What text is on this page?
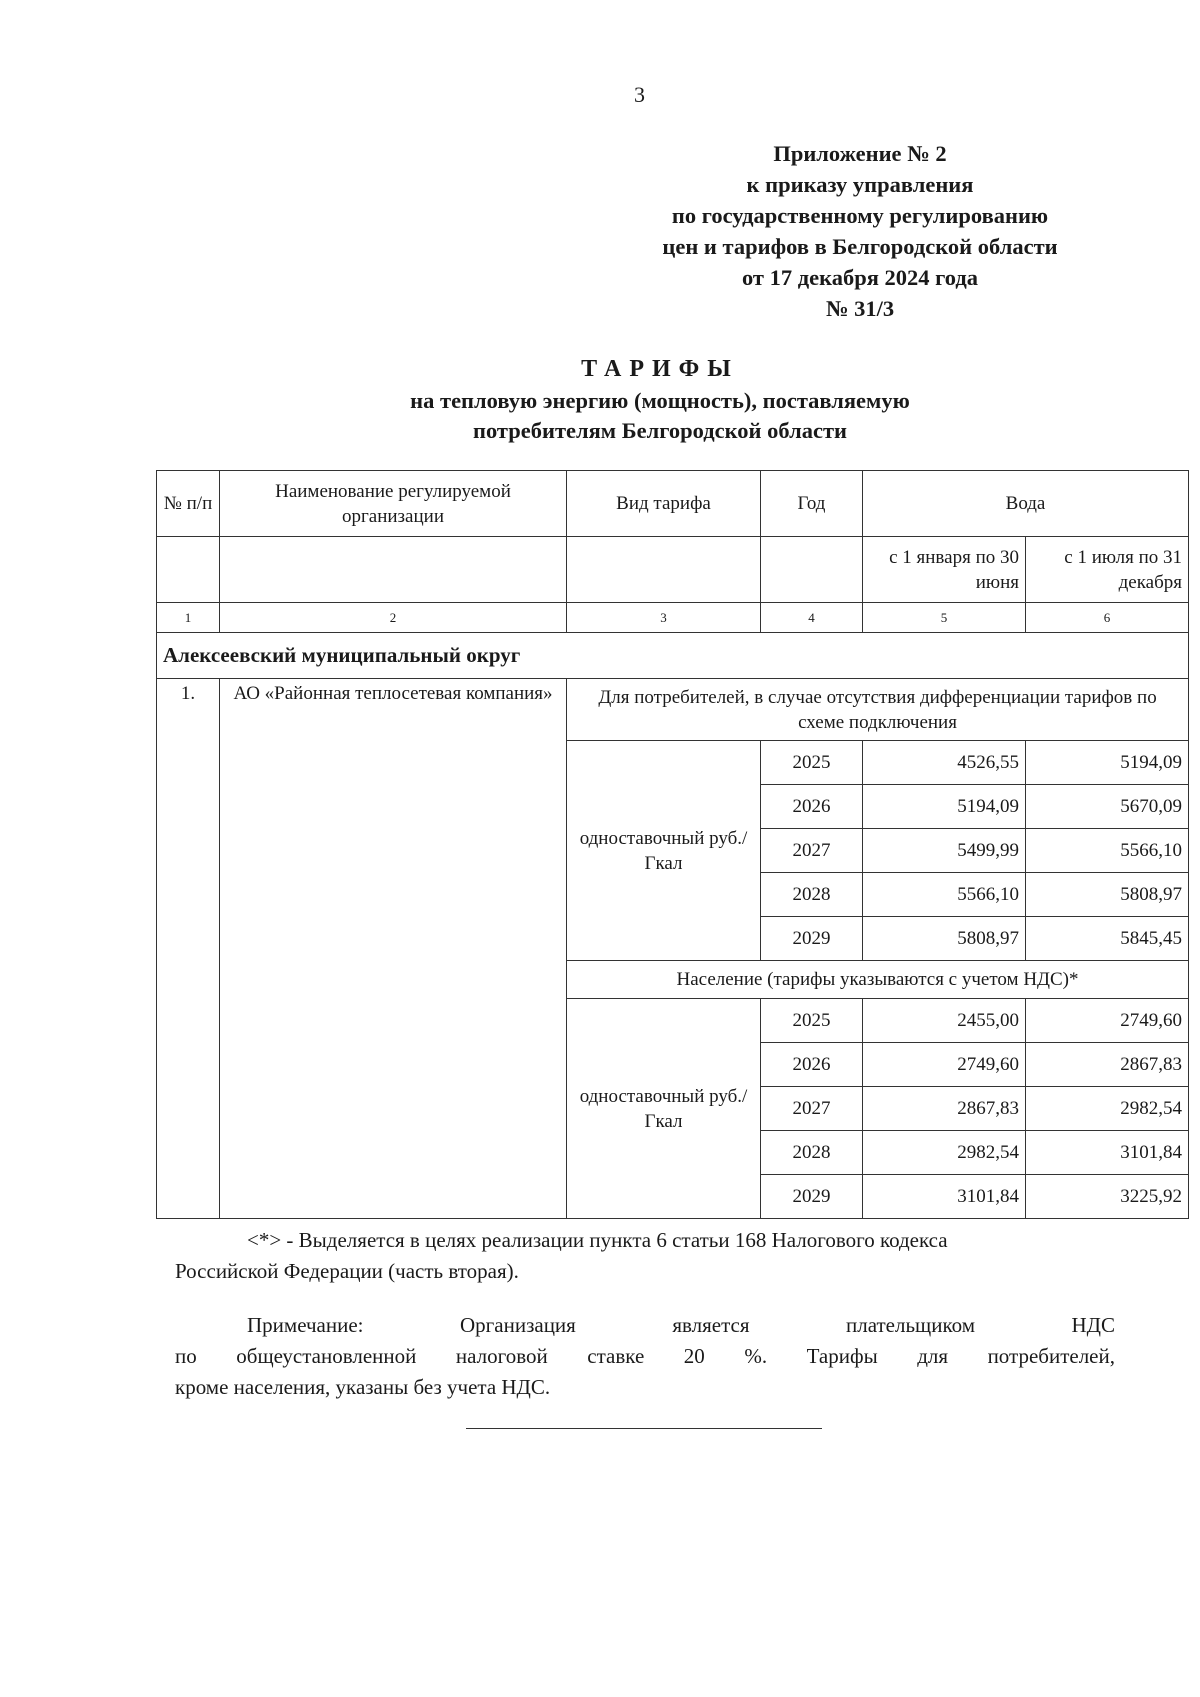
3
Приложение № 2
к приказу управления
по государственному регулированию
цен и тарифов в Белгородской области
от 17 декабря 2024 года
№ 31/3
ТАРИФЫ
на тепловую энергию (мощность), поставляемую
потребителям Белгородской области
№ п/п	Наименование регулируемой организации	Вид тарифа	Год	Вода	
				с 1 января по 30 июня	с 1 июля по 31 декабря
1	2	3	4	5	6
Алексеевский муниципальный округ					
1.	АО «Районная теплосетевая компания»	Для потребителей, в случае отсутствия дифференциации тарифов по схеме подключения			
		одноставочный руб./Гкал	2025	4526,55	5194,09
			2026	5194,09	5670,09
			2027	5499,99	5566,10
			2028	5566,10	5808,97
			2029	5808,97	5845,45
		Население (тарифы указываются с учетом НДС)*			
		одноставочный руб./Гкал	2025	2455,00	2749,60
			2026	2749,60	2867,83
			2027	2867,83	2982,54
			2028	2982,54	3101,84
			2029	3101,84	3225,92

<*> - Выделяется в целях реализации пункта 6 статьи 168 Налогового кодекса

Российской Федерации (часть вторая).

Примечание: Организация является плательщиком НДС

по общеустановленной налоговой ставке 20 %. Тарифы для потребителей,

кроме населения, указаны без учета НДС.
